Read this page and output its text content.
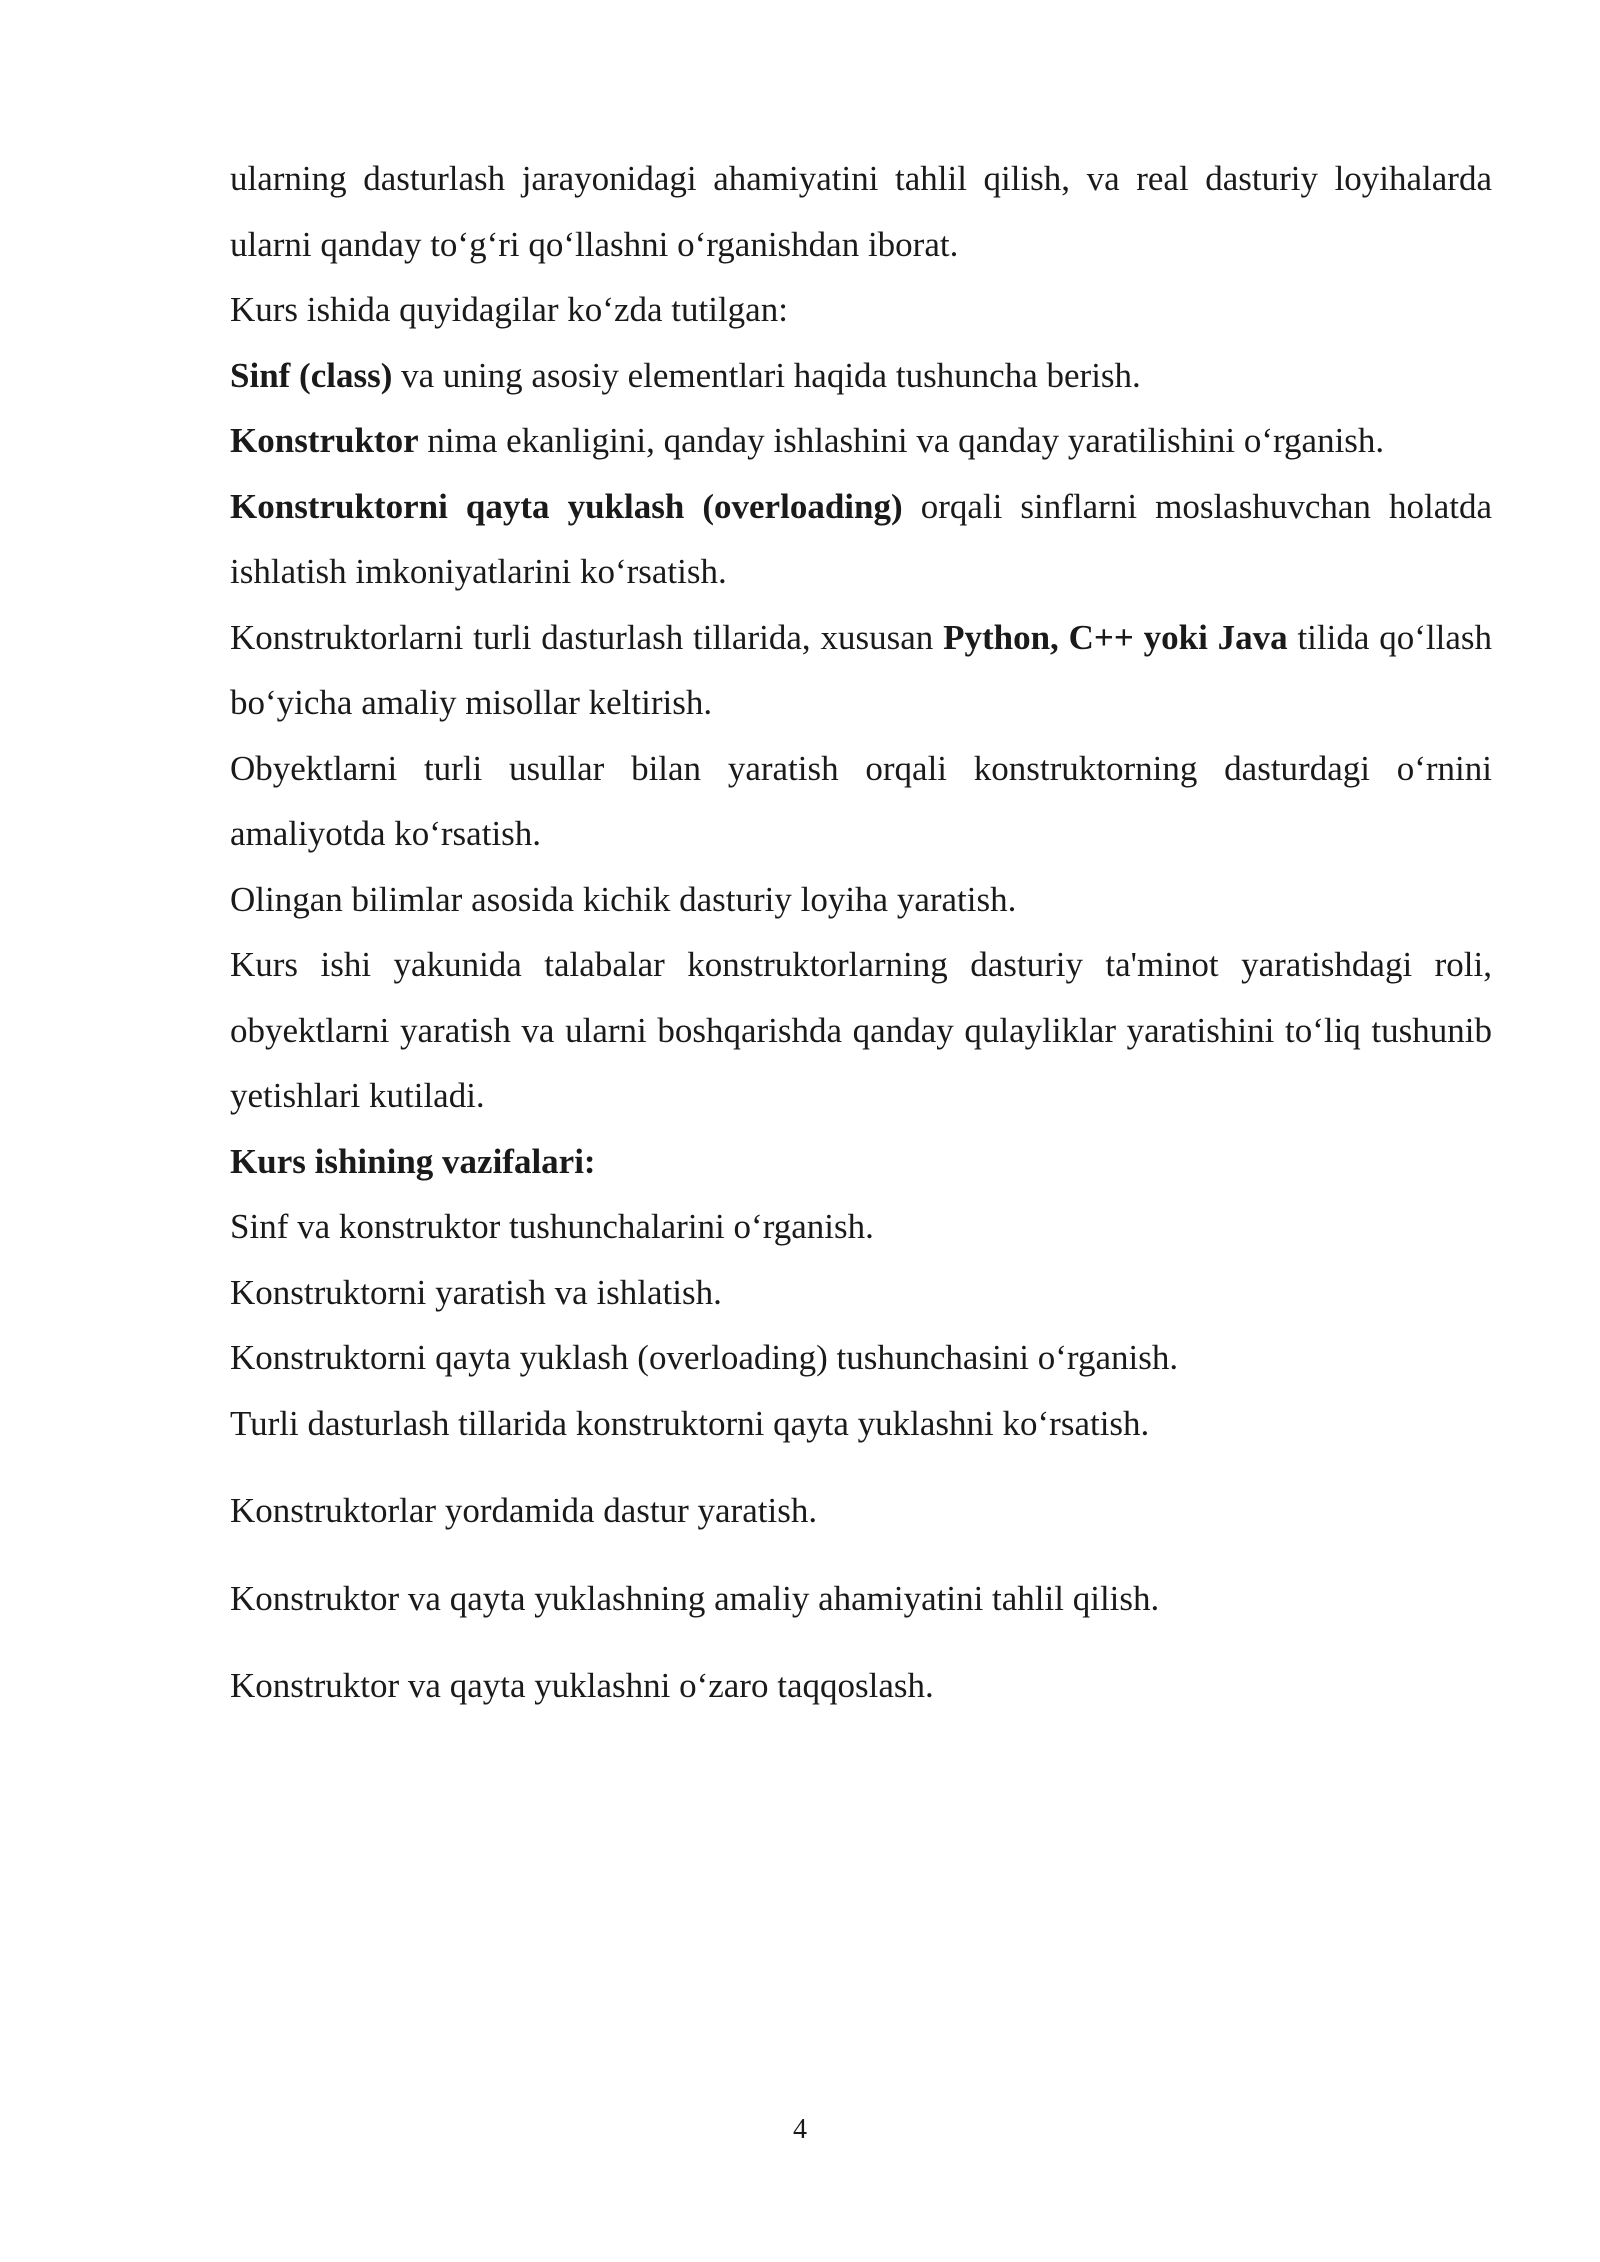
ularning dasturlash jarayonidagi ahamiyatini tahlil qilish, va real dasturiy loyihalarda ularni qanday to‘g‘ri qo‘llashni o‘rganishdan iborat.

Kurs ishida quyidagilar ko‘zda tutilgan:

Sinf (class) va uning asosiy elementlari haqida tushuncha berish.

Konstruktor nima ekanligini, qanday ishlashini va qanday yaratilishini o‘rganish.

Konstruktorni qayta yuklash (overloading) orqali sinflarni moslashuvchan holatda ishlatish imkoniyatlarini ko‘rsatish.

Konstruktorlarni turli dasturlash tillarida, xususan Python, C++ yoki Java tilida qo‘llash bo‘yicha amaliy misollar keltirish.

Obyektlarni turli usullar bilan yaratish orqali konstruktorning dasturdagi o‘rnini amaliyotda ko‘rsatish.

Olingan bilimlar asosida kichik dasturiy loyiha yaratish.

Kurs ishi yakunida talabalar konstruktorlarning dasturiy ta'minot yaratishdagi roli, obyektlarni yaratish va ularni boshqarishda qanday qulayliklar yaratishini to‘liq tushunib yetishlari kutiladi.

Kurs ishining vazifalari:

Sinf va konstruktor tushunchalarini o‘rganish.

Konstruktorni yaratish va ishlatish.

Konstruktorni qayta yuklash (overloading) tushunchasini o‘rganish.

Turli dasturlash tillarida konstruktorni qayta yuklashni ko‘rsatish.

Konstruktorlar yordamida dastur yaratish.

Konstruktor va qayta yuklashning amaliy ahamiyatini tahlil qilish.

Konstruktor va qayta yuklashni o‘zaro taqqoslash.

4
